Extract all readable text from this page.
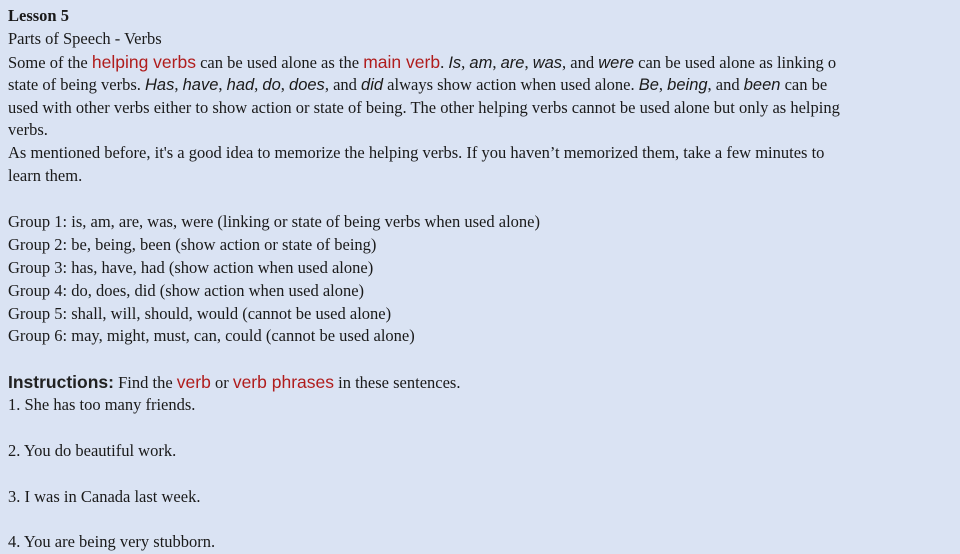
Lesson 5
Parts of Speech - Verbs
Some of the helping verbs can be used alone as the main verb. Is, am, are, was, and were can be used alone as linking o
state of being verbs. Has, have, had, do, does, and did always show action when used alone. Be, being, and been can be
used with other verbs either to show action or state of being. The other helping verbs cannot be used alone but only as helping
verbs.
As mentioned before, it's a good idea to memorize the helping verbs. If you haven’t memorized them, take a few minutes to
learn them.
Group 1: is, am, are, was, were (linking or state of being verbs when used alone)
Group 2: be, being, been (show action or state of being)
Group 3: has, have, had (show action when used alone)
Group 4: do, does, did (show action when used alone)
Group 5: shall, will, should, would (cannot be used alone)
Group 6: may, might, must, can, could (cannot be used alone)
Instructions: Find the verb or verb phrases in these sentences.
1. She has too many friends.
2. You do beautiful work.
3. I was in Canada last week.
4. You are being very stubborn.
